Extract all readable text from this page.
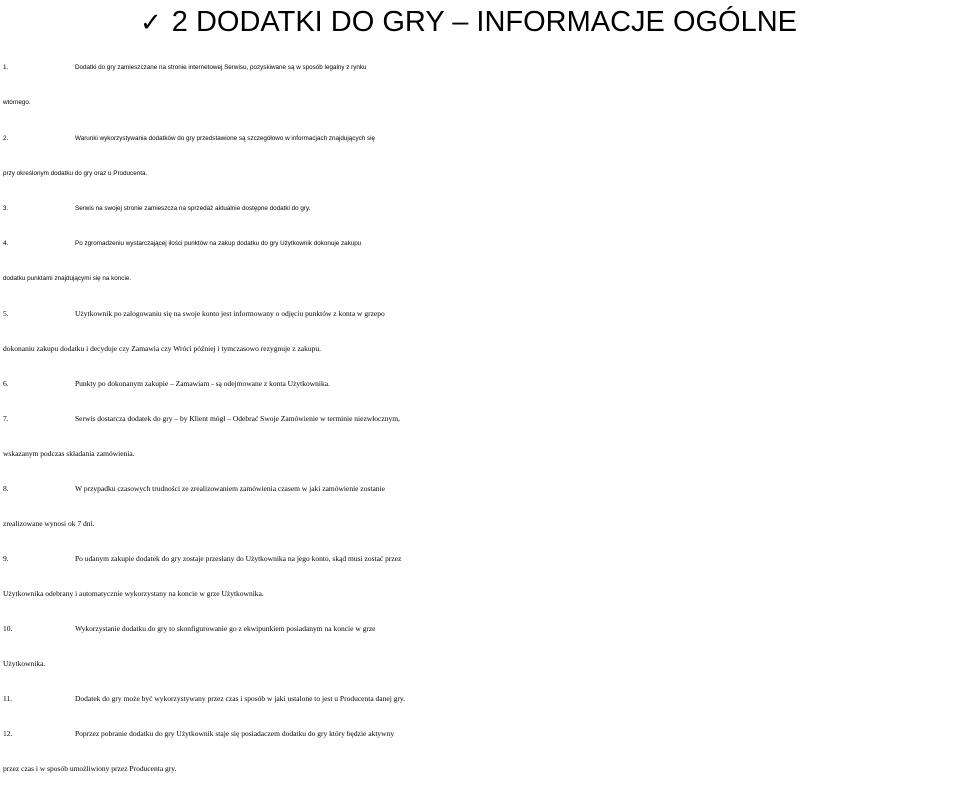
✓ 2 DODATKI DO GRY – INFORMACJE OGÓLNE

1.	Dodatki do gry zamieszczane na stronie internetowej Serwisu, pozyskiwane są w sposób legalny z rynku
wtórnego.

2.	Warunki wykorzystywania dodatków do gry przedstawione są szczegółowo w informacjach znajdujących się
przy określonym dodatku do gry oraz u Producenta.

3.	Serwis na swojej stronie zamieszcza na sprzedaż aktualnie dostępne dodatki do gry.

4.	Po zgromadzeniu wystarczającej ilości punktów na zakup dodatku do gry Użytkownik dokonuje zakupu
dodatku punktami znajdującymi się na koncie.

5.	Użytkownik po zalogowaniu się na swoje konto jest informowany o odjęciu punktów z konta w grzepo
dokonaniu zakupu dodatku i decyduje czy Zamawia czy Wróci później i tymczasowo rezygnuje z zakupu.

6.	Punkty po dokonanym zakupie – Zamawiam - są odejmowane z konta Użytkownika.

7.	Serwis dostarcza dodatek do gry – by Klient mógł – Odebrać Swoje Zamówienie w terminie niezwłocznym,
wskazanym podczas składania zamówienia.

8.	W przypadku czasowych trudności ze zrealizowaniem zamówienia czasem w jaki zamówienie zostanie
zrealizowane wynosi ok 7 dni.

9.	Po udanym zakupie dodatek do gry zostaje przesłany do Użytkownika na jego konto, skąd musi zostać przez
Użytkownika odebrany i automatycznie wykorzystany na koncie w grze Użytkownika.

10.	Wykorzystanie dodatku do gry to skonfigurowanie go z ekwipunkiem posiadanym na koncie w grze
Użytkownika.

11.	Dodatek do gry może być wykorzystywany przez czas i sposób w jaki ustalone to jest u Producenta danej gry.

12.	Poprzez pobranie dodatku do gry Użytkownik staje się posiadaczem dodatku do gry który będzie aktywny
przez czas i w sposób umożliwiony przez Producenta gry.
